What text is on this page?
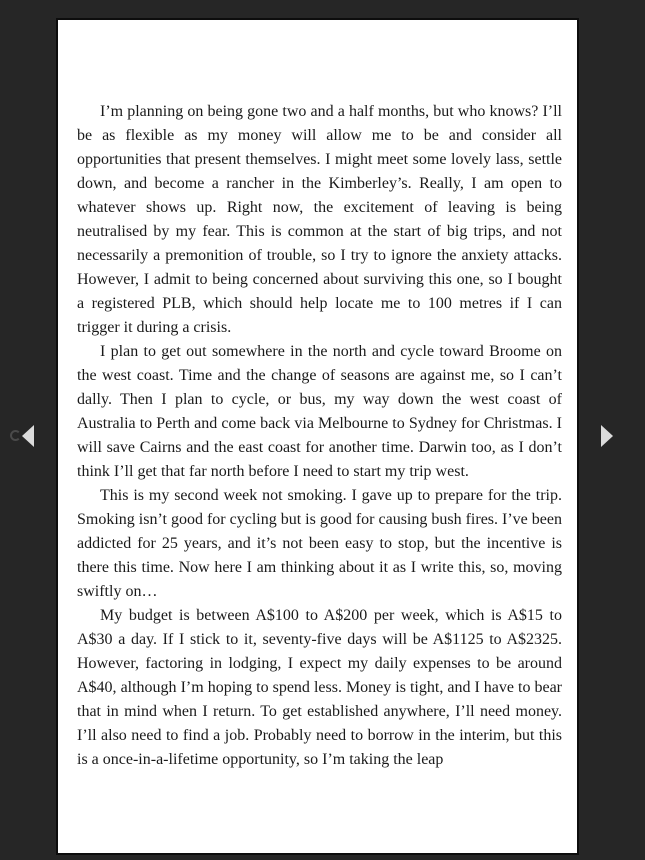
I’m planning on being gone two and a half months, but who knows? I’ll be as flexible as my money will allow me to be and consider all opportunities that present themselves. I might meet some lovely lass, settle down, and become a rancher in the Kimberley’s. Really, I am open to whatever shows up. Right now, the excitement of leaving is being neutralised by my fear. This is common at the start of big trips, and not necessarily a premonition of trouble, so I try to ignore the anxiety attacks. However, I admit to being concerned about surviving this one, so I bought a registered PLB, which should help locate me to 100 metres if I can trigger it during a crisis.

I plan to get out somewhere in the north and cycle toward Broome on the west coast. Time and the change of seasons are against me, so I can’t dally. Then I plan to cycle, or bus, my way down the west coast of Australia to Perth and come back via Melbourne to Sydney for Christmas. I will save Cairns and the east coast for another time. Darwin too, as I don’t think I’ll get that far north before I need to start my trip west.

This is my second week not smoking. I gave up to prepare for the trip. Smoking isn’t good for cycling but is good for causing bush fires. I’ve been addicted for 25 years, and it’s not been easy to stop, but the incentive is there this time. Now here I am thinking about it as I write this, so, moving swiftly on…

My budget is between A$100 to A$200 per week, which is A$15 to A$30 a day. If I stick to it, seventy-five days will be A$1125 to A$2325. However, factoring in lodging, I expect my daily expenses to be around A$40, although I’m hoping to spend less. Money is tight, and I have to bear that in mind when I return. To get established anywhere, I’ll need money. I’ll also need to find a job. Probably need to borrow in the interim, but this is a once-in-a-lifetime opportunity, so I’m taking the leap
